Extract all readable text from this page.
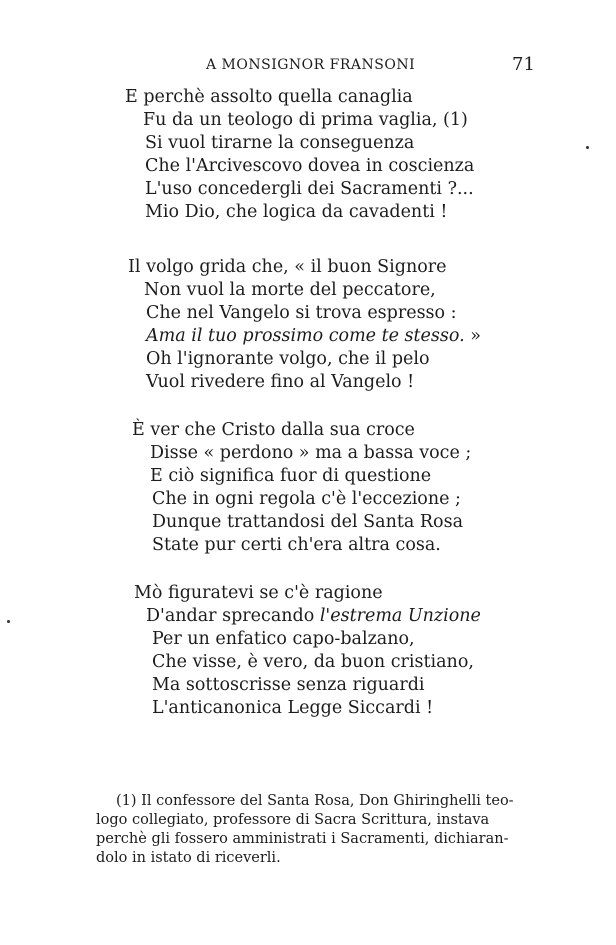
A MONSIGNOR FRANSONI	71
E perchè assolto quella canaglia
Fu da un teologo di prima vaglia, (1)
Si vuol tirarne la conseguenza
Che l'Arcivescovo dovea in coscienza
L'uso concedergli dei Sacramenti ?...
Mio Dio, che logica da cavadenti !
Il volgo grida che, « il buon Signore
Non vuol la morte del peccatore,
Che nel Vangelo si trova espresso :
Ama il tuo prossimo come te stesso. »
Oh l'ignorante volgo, che il pelo
Vuol rivedere fino al Vangelo !
È ver che Cristo dalla sua croce
Disse « perdono » ma a bassa voce ;
E ciò significa fuor di questione
Che in ogni regola c'è l'eccezione ;
Dunque trattandosi del Santa Rosa
State pur certi ch'era altra cosa.
Mò figuratevi se c'è ragione
D'andar sprecando l'estrema Unzione
Per un enfatico capo-balzano,
Che visse, è vero, da buon cristiano,
Ma sottoscrisse senza riguardi
L'anticanonica Legge Siccardi !
(1) Il confessore del Santa Rosa, Don Ghiringhelli teo-
logo collegiato, professore di Sacra Scrittura, instava
perchè gli fossero amministrati i Sacramenti, dichiaran-
dolo in istato di riceverli.
